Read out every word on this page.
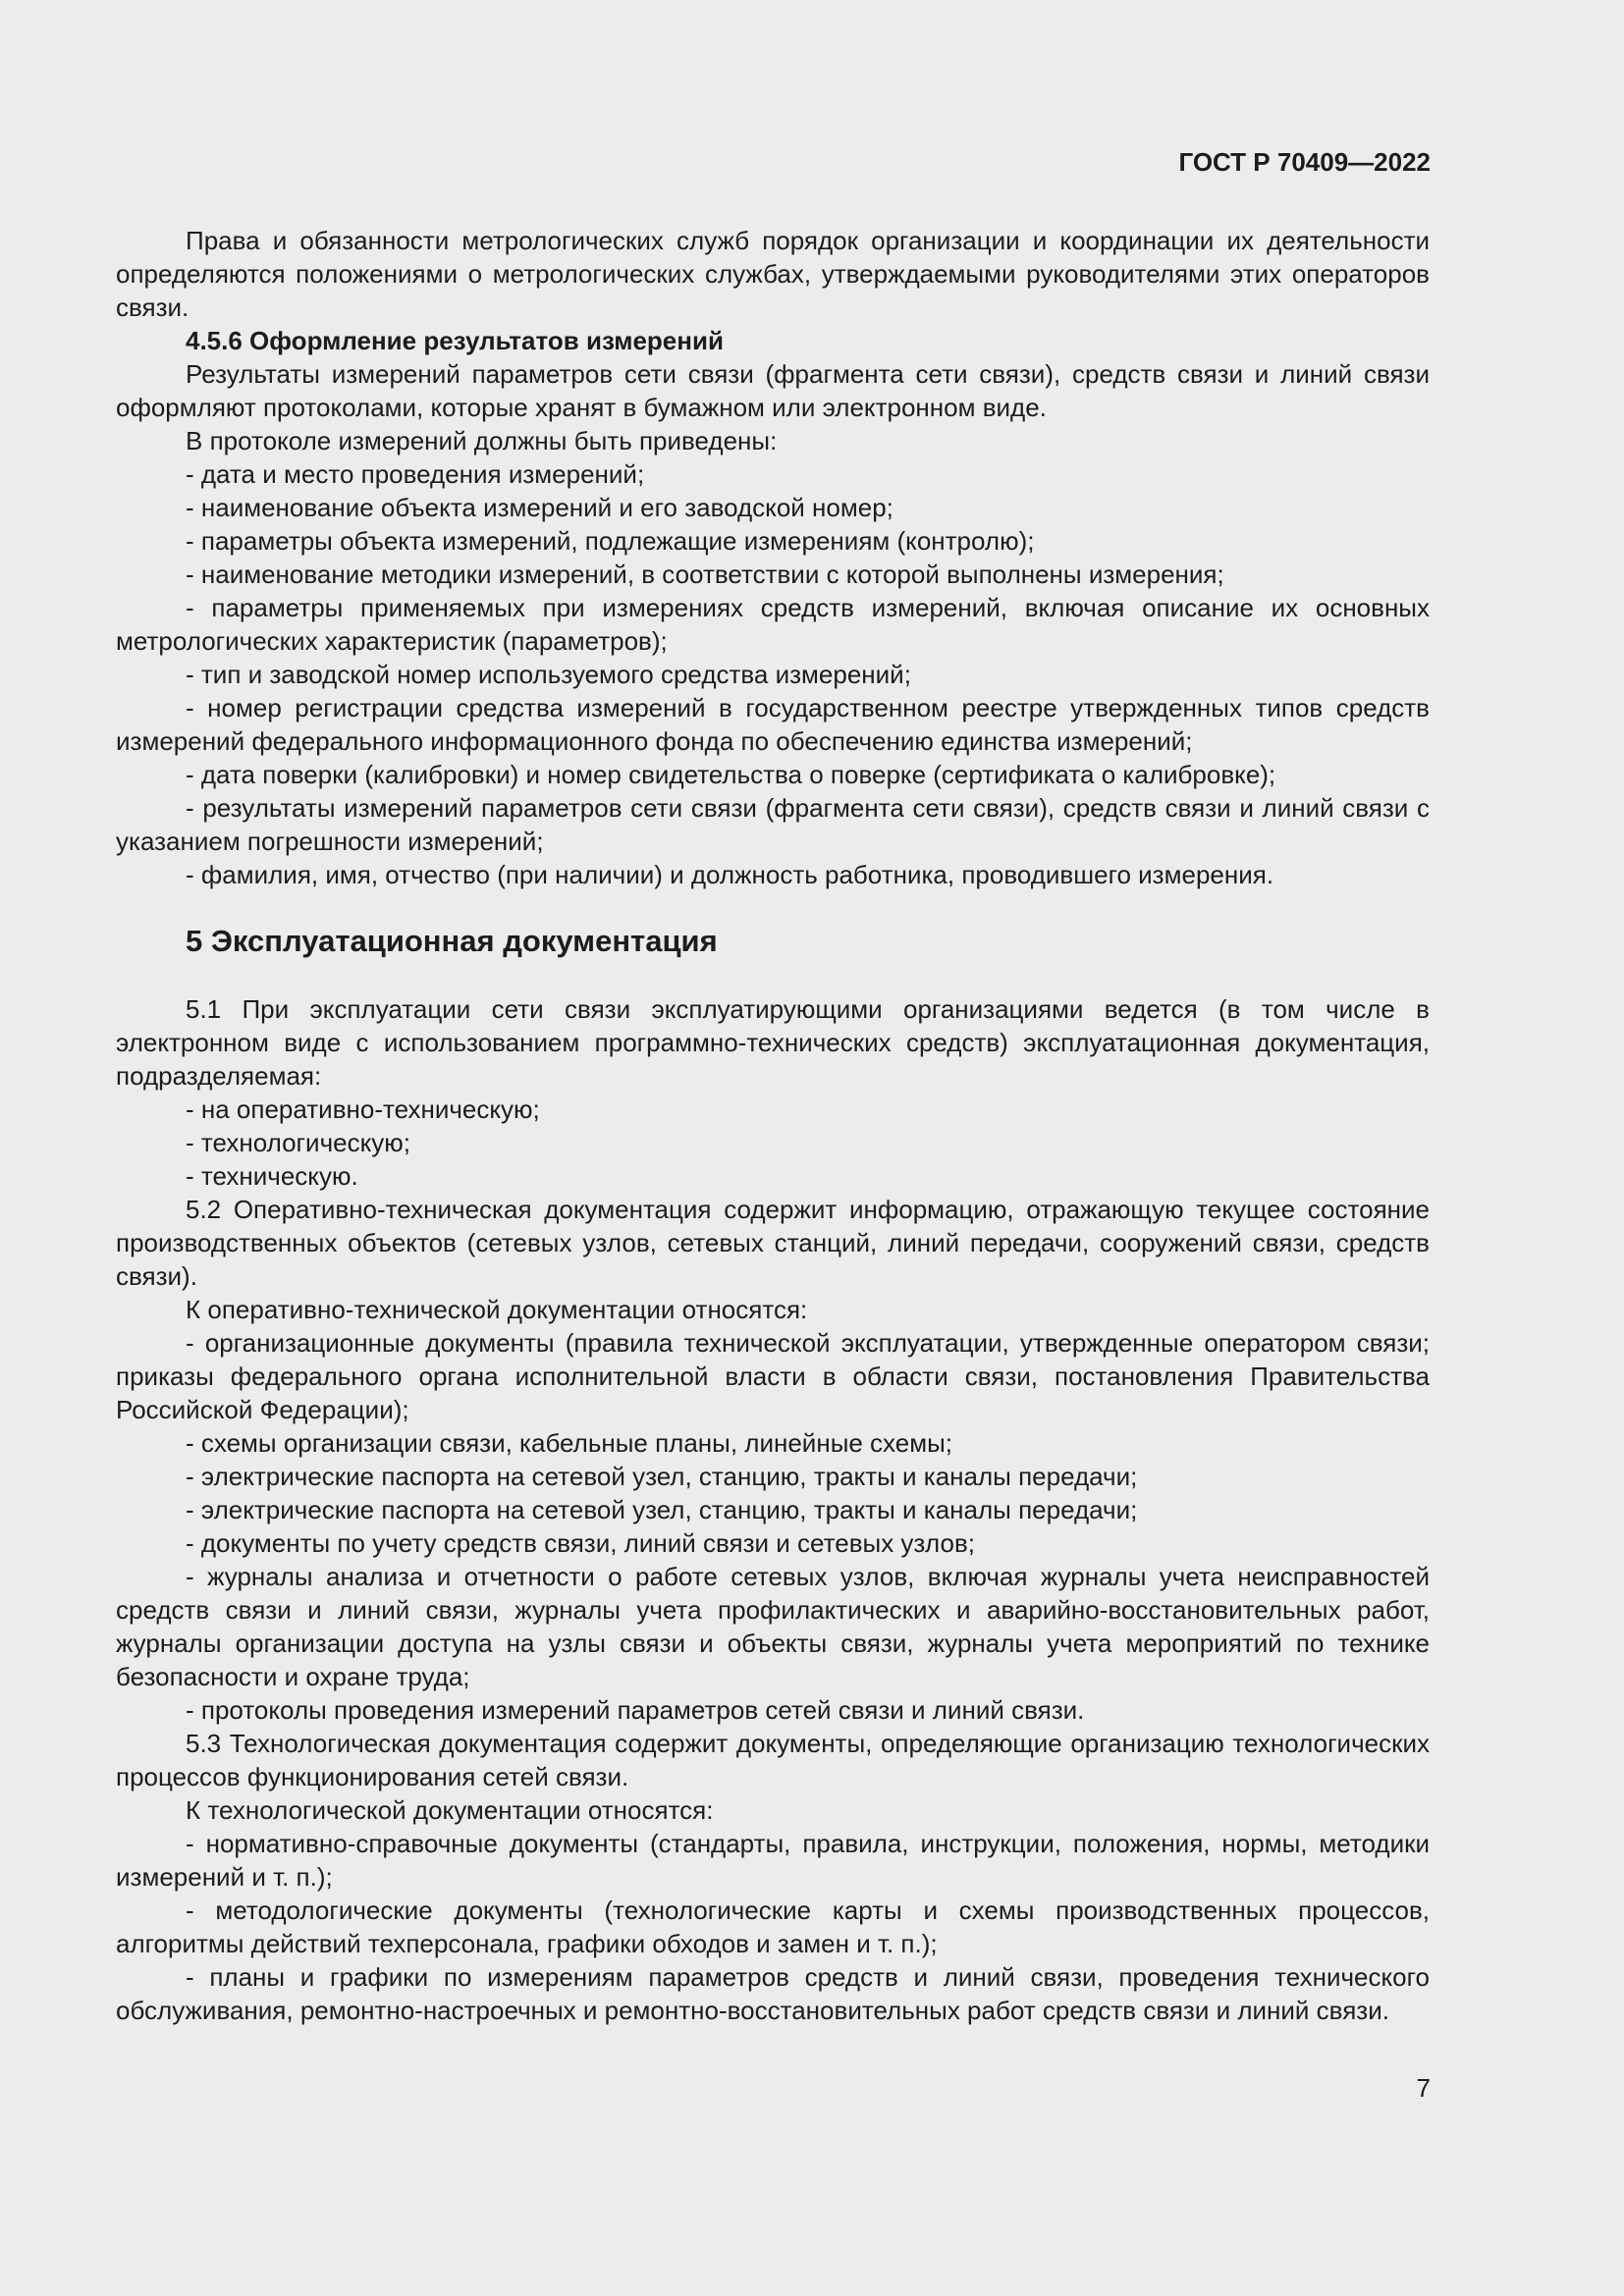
ГОСТ Р 70409—2022

Права и обязанности метрологических служб порядок организации и координации их деятельности определяются положениями о метрологических службах, утверждаемыми руководителями этих операторов связи.

4.5.6 Оформление результатов измерений

Результаты измерений параметров сети связи (фрагмента сети связи), средств связи и линий связи оформляют протоколами, которые хранят в бумажном или электронном виде.

В протоколе измерений должны быть приведены:

- дата и место проведения измерений;

- наименование объекта измерений и его заводской номер;

- параметры объекта измерений, подлежащие измерениям (контролю);

- наименование методики измерений, в соответствии с которой выполнены измерения;

- параметры применяемых при измерениях средств измерений, включая описание их основных метрологических характеристик (параметров);

- тип и заводской номер используемого средства измерений;

- номер регистрации средства измерений в государственном реестре утвержденных типов средств измерений федерального информационного фонда по обеспечению единства измерений;

- дата поверки (калибровки) и номер свидетельства о поверке (сертификата о калибровке);

- результаты измерений параметров сети связи (фрагмента сети связи), средств связи и линий связи с указанием погрешности измерений;

- фамилия, имя, отчество (при наличии) и должность работника, проводившего измерения.

5 Эксплуатационная документация

5.1 При эксплуатации сети связи эксплуатирующими организациями ведется (в том числе в электронном виде с использованием программно-технических средств) эксплуатационная документация, подразделяемая:

- на оперативно-техническую;

- технологическую;

- техническую.

5.2 Оперативно-техническая документация содержит информацию, отражающую текущее состояние производственных объектов (сетевых узлов, сетевых станций, линий передачи, сооружений связи, средств связи).

К оперативно-технической документации относятся:

- организационные документы (правила технической эксплуатации, утвержденные оператором связи; приказы федерального органа исполнительной власти в области связи, постановления Правительства Российской Федерации);

- схемы организации связи, кабельные планы, линейные схемы;

- электрические паспорта на сетевой узел, станцию, тракты и каналы передачи;

- электрические паспорта на сетевой узел, станцию, тракты и каналы передачи;

- документы по учету средств связи, линий связи и сетевых узлов;

- журналы анализа и отчетности о работе сетевых узлов, включая журналы учета неисправностей средств связи и линий связи, журналы учета профилактических и аварийно-восстановительных работ, журналы организации доступа на узлы связи и объекты связи, журналы учета мероприятий по технике безопасности и охране труда;

- протоколы проведения измерений параметров сетей связи и линий связи.

5.3 Технологическая документация содержит документы, определяющие организацию технологических процессов функционирования сетей связи.

К технологической документации относятся:

- нормативно-справочные документы (стандарты, правила, инструкции, положения, нормы, методики измерений и т. п.);

- методологические документы (технологические карты и схемы производственных процессов, алгоритмы действий техперсонала, графики обходов и замен и т. п.);

- планы и графики по измерениям параметров средств и линий связи, проведения технического обслуживания, ремонтно-настроечных и ремонтно-восстановительных работ средств связи и линий связи.

7
